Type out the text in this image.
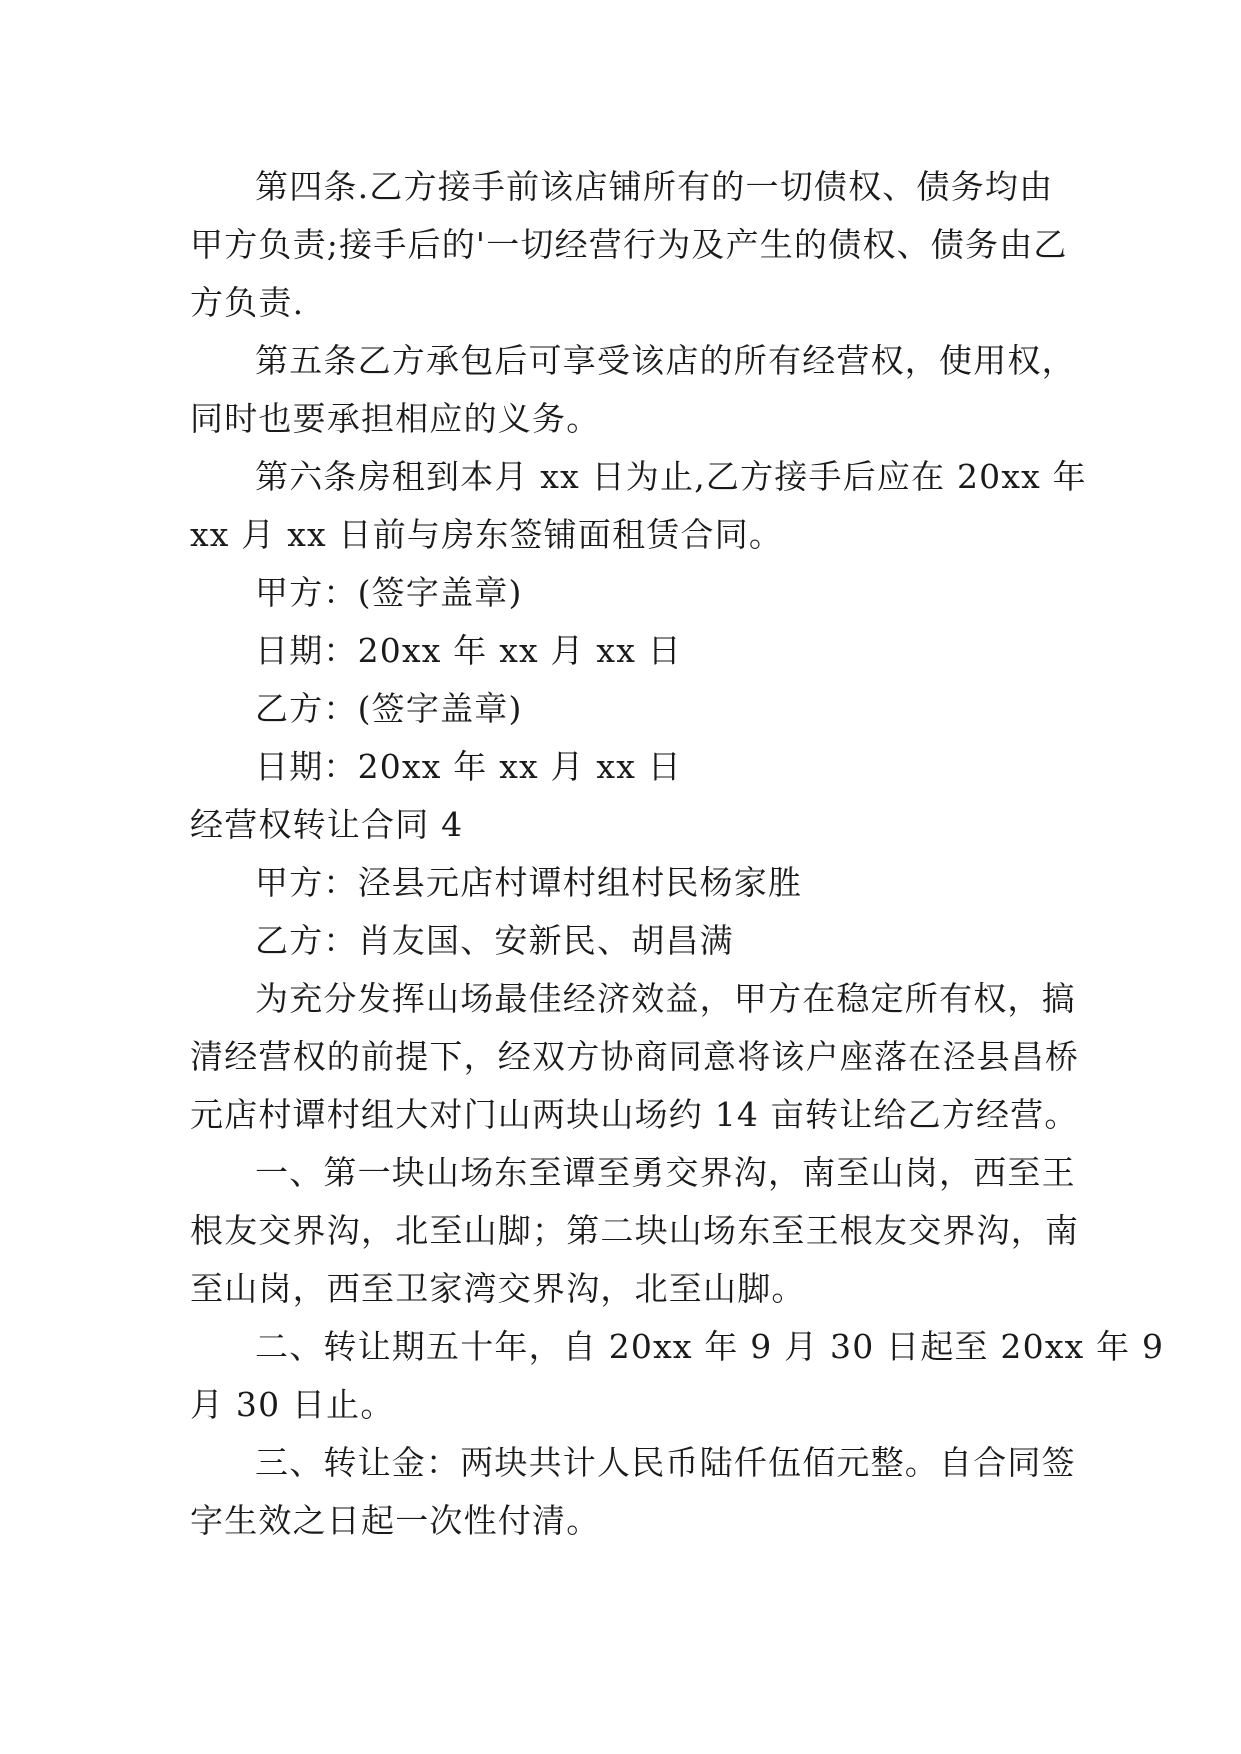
第四条.乙方接手前该店铺所有的一切债权、债务均由
甲方负责;接手后的'一切经营行为及产生的债权、债务由乙
方负责.
第五条乙方承包后可享受该店的所有经营权，使用权，
同时也要承担相应的义务。
第六条房租到本月 xx 日为止,乙方接手后应在 20xx 年
xx 月 xx 日前与房东签铺面租赁合同。
甲方：(签字盖章)
日期：20xx 年 xx 月 xx 日
乙方：(签字盖章)
日期：20xx 年 xx 月 xx 日
经营权转让合同 4
甲方：泾县元店村谭村组村民杨家胜
乙方：肖友国、安新民、胡昌满
为充分发挥山场最佳经济效益，甲方在稳定所有权，搞
清经营权的前提下，经双方协商同意将该户座落在泾县昌桥
元店村谭村组大对门山两块山场约 14 亩转让给乙方经营。
一、第一块山场东至谭至勇交界沟，南至山岗，西至王
根友交界沟，北至山脚；第二块山场东至王根友交界沟，南
至山岗，西至卫家湾交界沟，北至山脚。
二、转让期五十年，自 20xx 年 9 月 30 日起至 20xx 年 9
月 30 日止。
三、转让金：两块共计人民币陆仟伍佰元整。自合同签
字生效之日起一次性付清。
